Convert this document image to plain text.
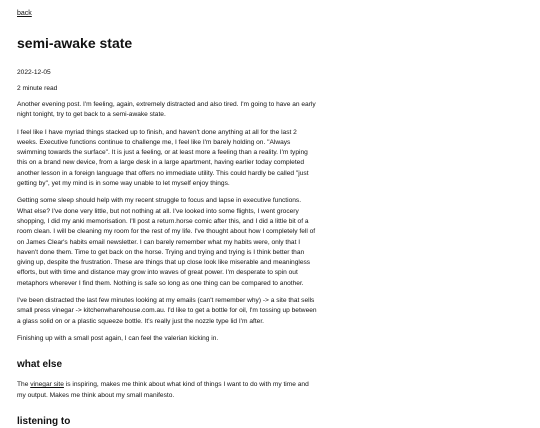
back
semi-awake state
2022-12-05
2 minute read

Another evening post. I'm feeling, again, extremely distracted and also tired. I'm going to have an early night tonight, try to get back to a semi-awake state.

I feel like I have myriad things stacked up to finish, and haven't done anything at all for the last 2 weeks. Executive functions continue to challenge me, I feel like I'm barely holding on. "Always swimming towards the surface". It is just a feeling, or at least more a feeling than a reality. I'm typing this on a brand new device, from a large desk in a large apartment, having earlier today completed another lesson in a foreign language that offers no immediate utility. This could hardly be called "just getting by", yet my mind is in some way unable to let myself enjoy things.

Getting some sleep should help with my recent struggle to focus and lapse in executive functions. What else? I've done very little, but not nothing at all. I've looked into some flights, I went grocery shopping, I did my anki memorisation. I'll post a return.horse comic after this, and I did a little bit of a room clean. I will be cleaning my room for the rest of my life. I've thought about how I completely fell of on James Clear's habits email newsletter. I can barely remember what my habits were, only that I haven't done them. Time to get back on the horse. Trying and trying and trying is I think better than giving up, despite the frustration. These are things that up close look like miserable and meaningless efforts, but with time and distance may grow into waves of great power. I'm desperate to spin out metaphors wherever I find them. Nothing is safe so long as one thing can be compared to another.

I've been distracted the last few minutes looking at my emails (can't remember why) -> a site that sells small press vinegar -> kitchenwharehouse.com.au. I'd like to get a bottle for oil, I'm tossing up between a glass solid on or a plastic squeeze bottle. It's really just the nozzle type lid I'm after.

Finishing up with a small post again, I can feel the valerian kicking in.

what else

The vinegar site is inspiring, makes me think about what kind of things I want to do with my time and my output. Makes me think about my small manifesto.

listening to
